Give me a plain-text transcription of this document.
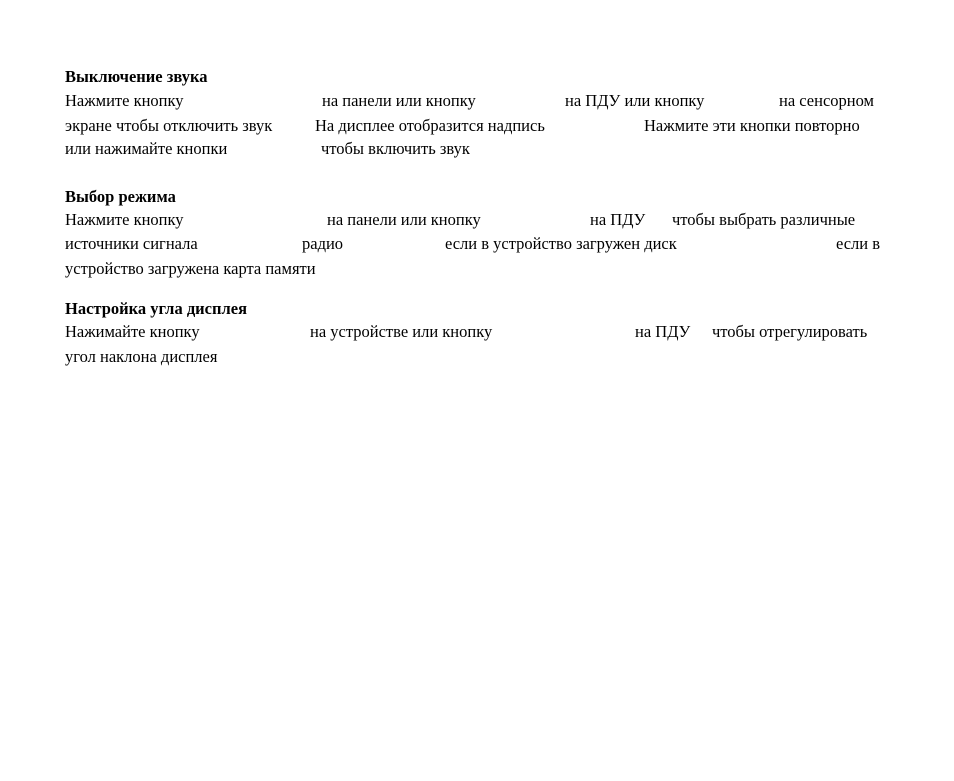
Выключение звука
Нажмите кнопку	на панели или кнопку	на ПДУ или кнопку	на сенсорном
экране чтобы отключить звук	На дисплее отобразится надпись	Нажмите эти кнопки повторно
или нажимайте кнопки	чтобы включить звук
Выбор режима
Нажмите кнопку	на панели или кнопку	на ПДУ чтобы выбрать различные
источники сигнала	радио	если в устройство загружен диск	если в
устройство загружена карта памяти
Настройка угла дисплея
Нажимайте кнопку	на устройстве или кнопку	на ПДУ чтобы отрегулировать
угол наклона дисплея
